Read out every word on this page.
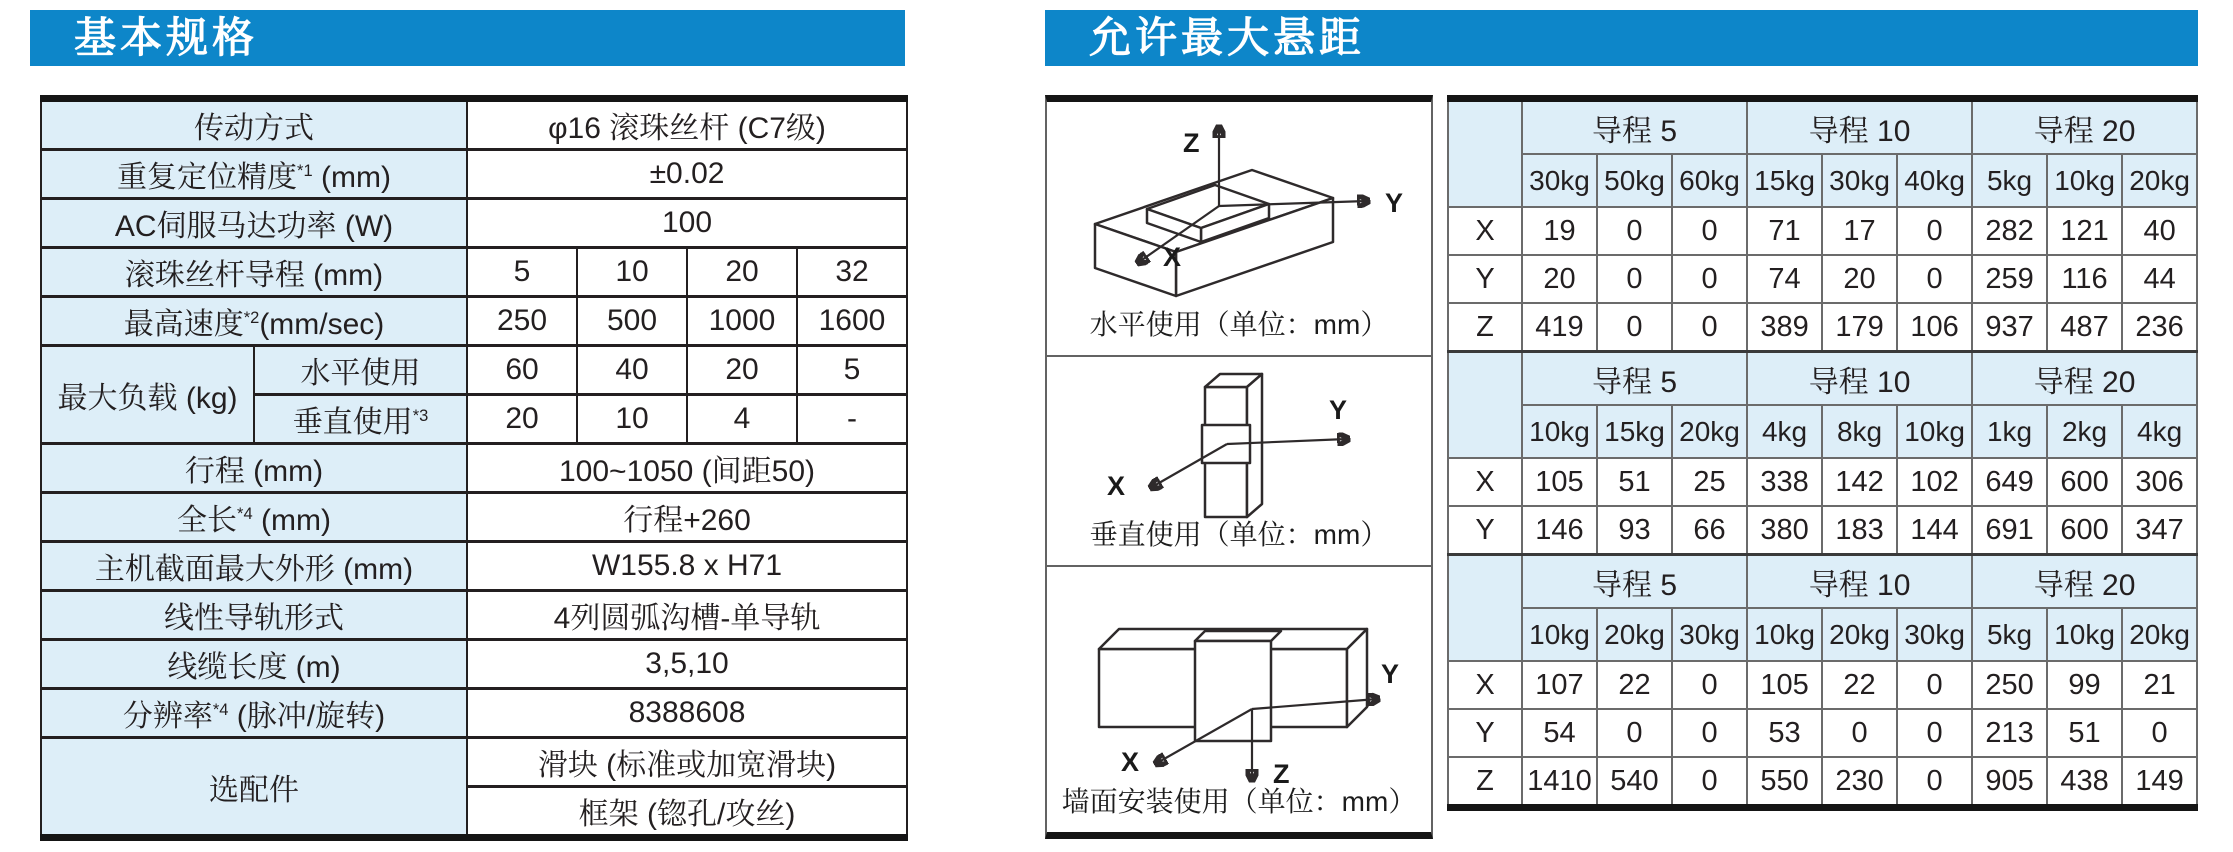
基本规格	允许最大悬距
传动方式		φ16 滚珠丝杆 (C7级)			
重复定位精度$^{*1}$ (mm)		±0.02			
AC伺服马达功率 (W)		100			
滚珠丝杆导程 (mm)		5	10	20	32
最高速度$^{*2}$(mm/sec)		250	500	1000	1600
最大负载 (kg)	水平使用	60	40	20	5
	垂直使用$^{*3}$	20	10	4	-
行程 (mm)		100~1050 (间距50)			
全长$^{*4}$ (mm)		行程+260			
主机截面最大外形 (mm)		W155.8 x H71			
线性导轨形式		4列圆弧沟槽-单导轨			
线缆长度 (m)		3,5,10			
分辨率$^{*4}$ (脉冲/旋转)		8388608			
选配件		滑块 (标准或加宽滑块)			
		框架 (锪孔/攻丝)			
Z
Y
X
水平使用（单位：mm）
Y
X
垂直使用（单位：mm）
Y
X	Z
墙面安装使用（单位：mm）
	导程 5			导程 10			导程 20		
	30kg	50kg	60kg	15kg	30kg	40kg	5kg	10kg	20kg
X	19	0	0	71	17	0	282	121	40
Y	20	0	0	74	20	0	259	116	44
Z	419	0	0	389	179	106	937	487	236
	导程 5			导程 10			导程 20		
	10kg	15kg	20kg	4kg	8kg	10kg	1kg	2kg	4kg
X	105	51	25	338	142	102	649	600	306
Y	146	93	66	380	183	144	691	600	347
	导程 5			导程 10			导程 20		
	10kg	20kg	30kg	10kg	20kg	30kg	5kg	10kg	20kg
X	107	22	0	105	22	0	250	99	21
Y	54	0	0	53	0	0	213	51	0
Z	1410	540	0	550	230	0	905	438	149
